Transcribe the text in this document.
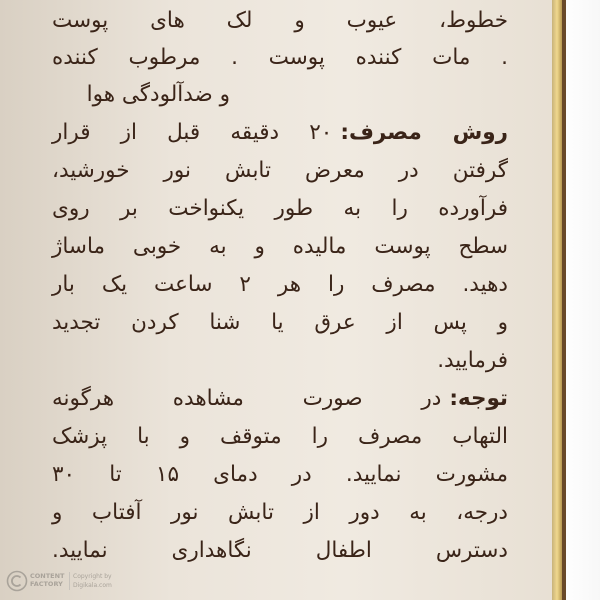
خطوط، عیوب و لک های پوست
. مات کننده پوست . مرطوب کننده
و ضدآلودگی هوا
روش مصرف:۲۰ دقیقه قبل از قرار
گرفتن در معرض تابش نور خورشید،
فرآورده را به طور یکنواخت بر روی
سطح پوست مالیده و به خوبی ماساژ
دهید. مصرف را هر ۲ ساعت یک بار
و پس از عرق یا شنا کردن تجدید
فرمایید.
توجه:در صورت مشاهده هرگونه
التهاب مصرف را متوقف و با پزشک
مشورت نمایید. در دمای ۱۵ تا ۳۰
درجه، به دور از تابش نور آفتاب و
دسترس اطفال نگاهداری نمایید.
CONTENT
FACTORY
Copyright by
Digikala.com
